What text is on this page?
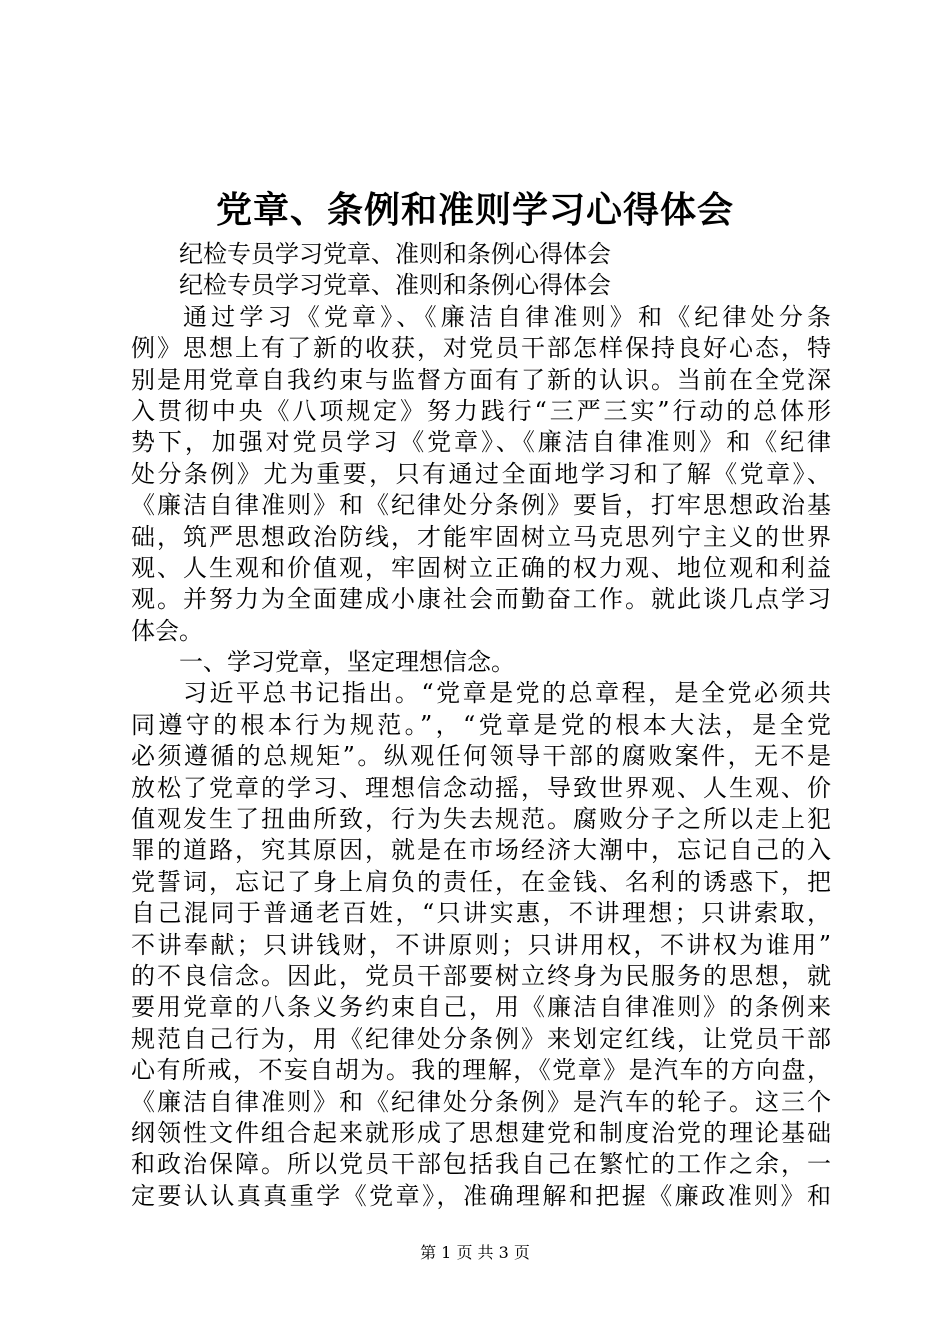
党章、条例和准则学习心得体会
纪检专员学习党章、准则和条例心得体会
纪检专员学习党章、准则和条例心得体会
通过学习《党章》、《廉洁自律准则》和《纪律处分条
例》思想上有了新的收获，对党员干部怎样保持良好心态，特
别是用党章自我约束与监督方面有了新的认识。当前在全党深
入贯彻中央《八项规定》努力践行“三严三实”行动的总体形
势下，加强对党员学习《党章》、《廉洁自律准则》和《纪律
处分条例》尤为重要，只有通过全面地学习和了解《党章》、
《廉洁自律准则》和《纪律处分条例》要旨，打牢思想政治基
础，筑严思想政治防线，才能牢固树立马克思列宁主义的世界
观、人生观和价值观，牢固树立正确的权力观、地位观和利益
观。并努力为全面建成小康社会而勤奋工作。就此谈几点学习
体会。
一、学习党章，坚定理想信念。
习近平总书记指出。“党章是党的总章程，是全党必须共
同遵守的根本行为规范。”，“党章是党的根本大法，是全党
必须遵循的总规矩”。纵观任何领导干部的腐败案件，无不是
放松了党章的学习、理想信念动摇，导致世界观、人生观、价
值观发生了扭曲所致，行为失去规范。腐败分子之所以走上犯
罪的道路，究其原因，就是在市场经济大潮中，忘记自己的入
党誓词，忘记了身上肩负的责任，在金钱、名利的诱惑下，把
自己混同于普通老百姓，“只讲实惠，不讲理想；只讲索取，
不讲奉献；只讲钱财，不讲原则；只讲用权，不讲权为谁用”
的不良信念。因此，党员干部要树立终身为民服务的思想，就
要用党章的八条义务约束自己，用《廉洁自律准则》的条例来
规范自己行为，用《纪律处分条例》来划定红线，让党员干部
心有所戒，不妄自胡为。我的理解，《党章》是汽车的方向盘，
《廉洁自律准则》和《纪律处分条例》是汽车的轮子。这三个
纲领性文件组合起来就形成了思想建党和制度治党的理论基础
和政治保障。所以党员干部包括我自己在繁忙的工作之余，一
定要认认真真重学《党章》，准确理解和把握《廉政准则》和
第 1 页 共 3 页
